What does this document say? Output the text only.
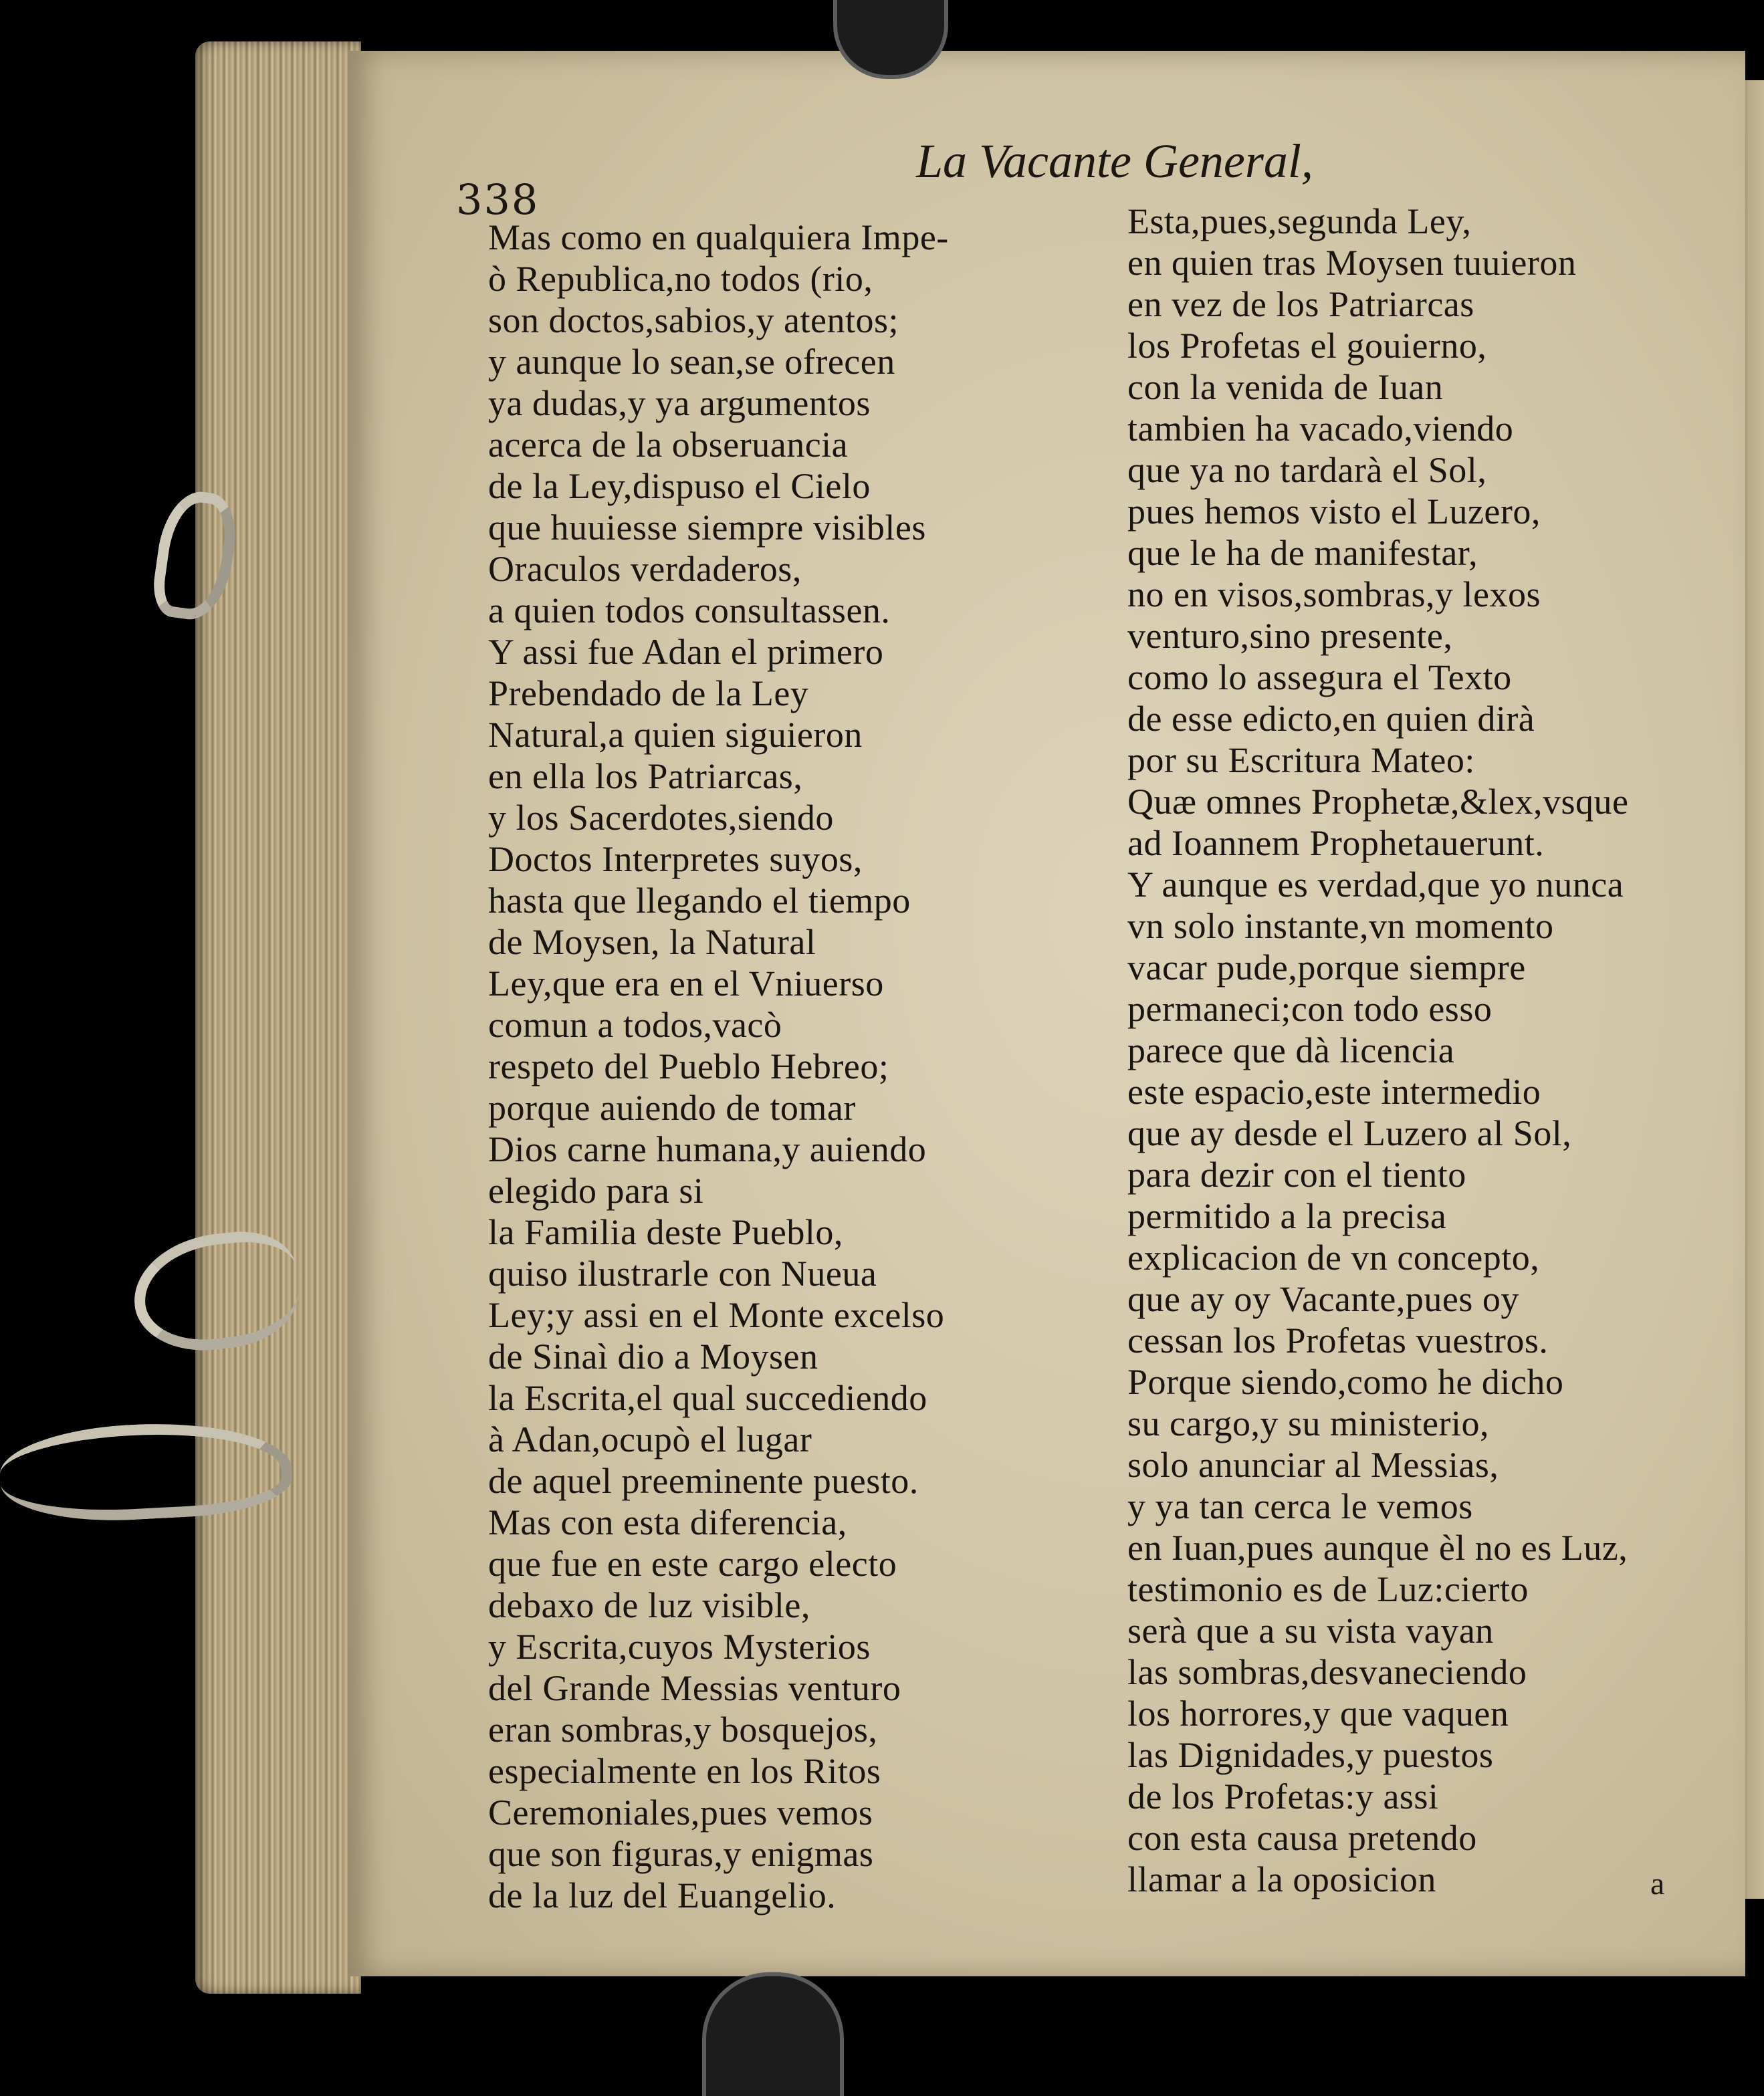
338
La Vacante General,
Mas como en qualquiera Impe-
ò Republica,no todos (rio,
son doctos,sabios,y atentos;
y aunque lo sean,se ofrecen
ya dudas,y ya argumentos
acerca de la obseruancia
de la Ley,dispuso el Cielo
que huuiesse siempre visibles
Oraculos verdaderos,
a quien todos consultassen.
Y assi fue Adan el primero
Prebendado de la Ley
Natural,a quien siguieron
en ella los Patriarcas,
y los Sacerdotes,siendo
Doctos Interpretes suyos,
hasta que llegando el tiempo
de Moysen, la Natural
Ley,que era en el Vniuerso
comun a todos,vacò
respeto del Pueblo Hebreo;
porque auiendo de tomar
Dios carne humana,y auiendo
elegido para si
la Familia deste Pueblo,
quiso ilustrarle con Nueua
Ley;y assi en el Monte excelso
de Sinaì dio a Moysen
la Escrita,el qual succediendo
à Adan,ocupò el lugar
de aquel preeminente puesto.
Mas con esta diferencia,
que fue en este cargo electo
debaxo de luz visible,
y Escrita,cuyos Mysterios
del Grande Messias venturo
eran sombras,y bosquejos,
especialmente en los Ritos
Ceremoniales,pues vemos
que son figuras,y enigmas
de la luz del Euangelio.
Esta,pues,segunda Ley,
en quien tras Moysen tuuieron
en vez de los Patriarcas
los Profetas el gouierno,
con la venida de Iuan
tambien ha vacado,viendo
que ya no tardarà el Sol,
pues hemos visto el Luzero,
que le ha de manifestar,
no en visos,sombras,y lexos
venturo,sino presente,
como lo assegura el Texto
de esse edicto,en quien dirà
por su Escritura Mateo:
Quæ omnes Prophetæ,&lex,vsque
ad Ioannem Prophetauerunt.
Y aunque es verdad,que yo nunca
vn solo instante,vn momento
vacar pude,porque siempre
permaneci;con todo esso
parece que dà licencia
este espacio,este intermedio
que ay desde el Luzero al Sol,
para dezir con el tiento
permitido a la precisa
explicacion de vn concepto,
que ay oy Vacante,pues oy
cessan los Profetas vuestros.
Porque siendo,como he dicho
su cargo,y su ministerio,
solo anunciar al Messias,
y ya tan cerca le vemos
en Iuan,pues aunque èl no es Luz,
testimonio es de Luz:cierto
serà que a su vista vayan
las sombras,desvaneciendo
los horrores,y que vaquen
las Dignidades,y puestos
de los Profetas:y assi
con esta causa pretendo
llamar a la oposicion	a
